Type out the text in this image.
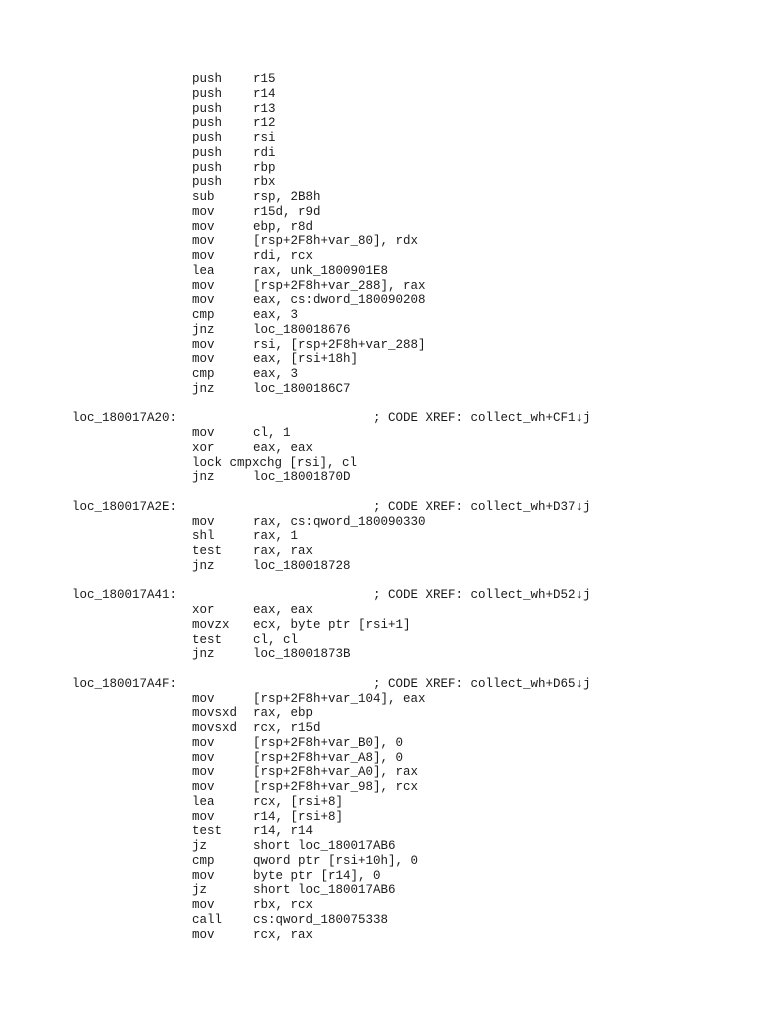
push r15
push r14
push r13
push r12
push rsi
push rdi
push rbp
push rbx
sub	rsp, 2B8h
mov	r15d, r9d
mov	ebp, r8d
mov	[rsp+2F8h+var_80], rdx
mov	rdi, rcx
lea	rax, unk_1800901E8
mov	[rsp+2F8h+var_288], rax
mov	eax, cs:dword_180090208
cmp	eax, 3
jnz	loc_180018676
mov	rsi, [rsp+2F8h+var_288]
mov	eax, [rsi+18h]
cmp	eax, 3
jnz	loc_1800186C7
loc_180017A20:	; CODE XREF: collect_wh+CF1↓j
mov	cl, 1
xor	eax, eax
lock cmpxchg [rsi], cl
jnz	loc_18001870D
loc_180017A2E:	; CODE XREF: collect_wh+D37↓j
mov	rax, cs:qword_180090330
shl	rax, 1
test rax, rax
jnz	loc_180018728
loc_180017A41:	; CODE XREF: collect_wh+D52↓j
xor	eax, eax
movzx ecx, byte ptr [rsi+1]
test cl, cl
jnz	loc_18001873B
loc_180017A4F:	; CODE XREF: collect_wh+D65↓j
mov	[rsp+2F8h+var_104], eax
movsxd rax, ebp
movsxd rcx, r15d
mov	[rsp+2F8h+var_B0], 0
mov	[rsp+2F8h+var_A8], 0
mov	[rsp+2F8h+var_A0], rax
mov	[rsp+2F8h+var_98], rcx
lea	rcx, [rsi+8]
mov	r14, [rsi+8]
test r14, r14
jz	short loc_180017AB6
cmp	qword ptr [rsi+10h], 0
mov	byte ptr [r14], 0
jz	short loc_180017AB6
mov	rbx, rcx
call cs:qword_180075338
mov	rcx, rax
